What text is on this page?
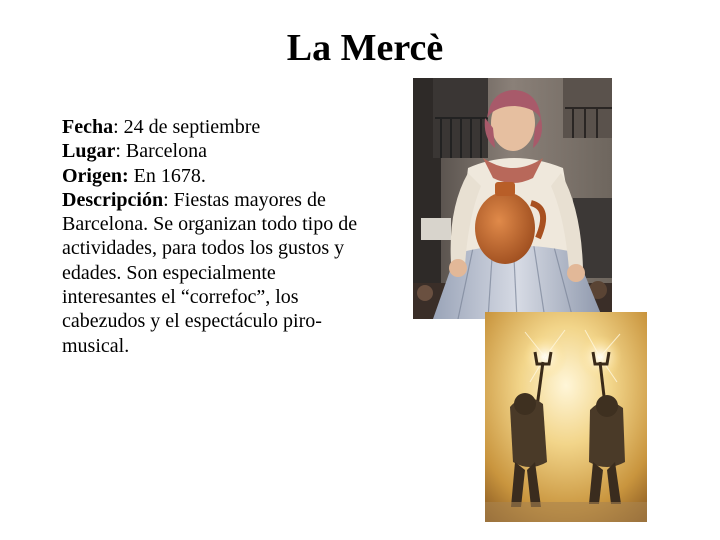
La Mercè

Fecha: 24 de septiembre

Lugar: Barcelona

Origen: En 1678.

Descripción: Fiestas mayores de Barcelona. Se organizan todo tipo de actividades, para todos los gustos y edades. Son especialmente interesantes el “correfoc”, los cabezudos y el espectáculo piro-musical.
